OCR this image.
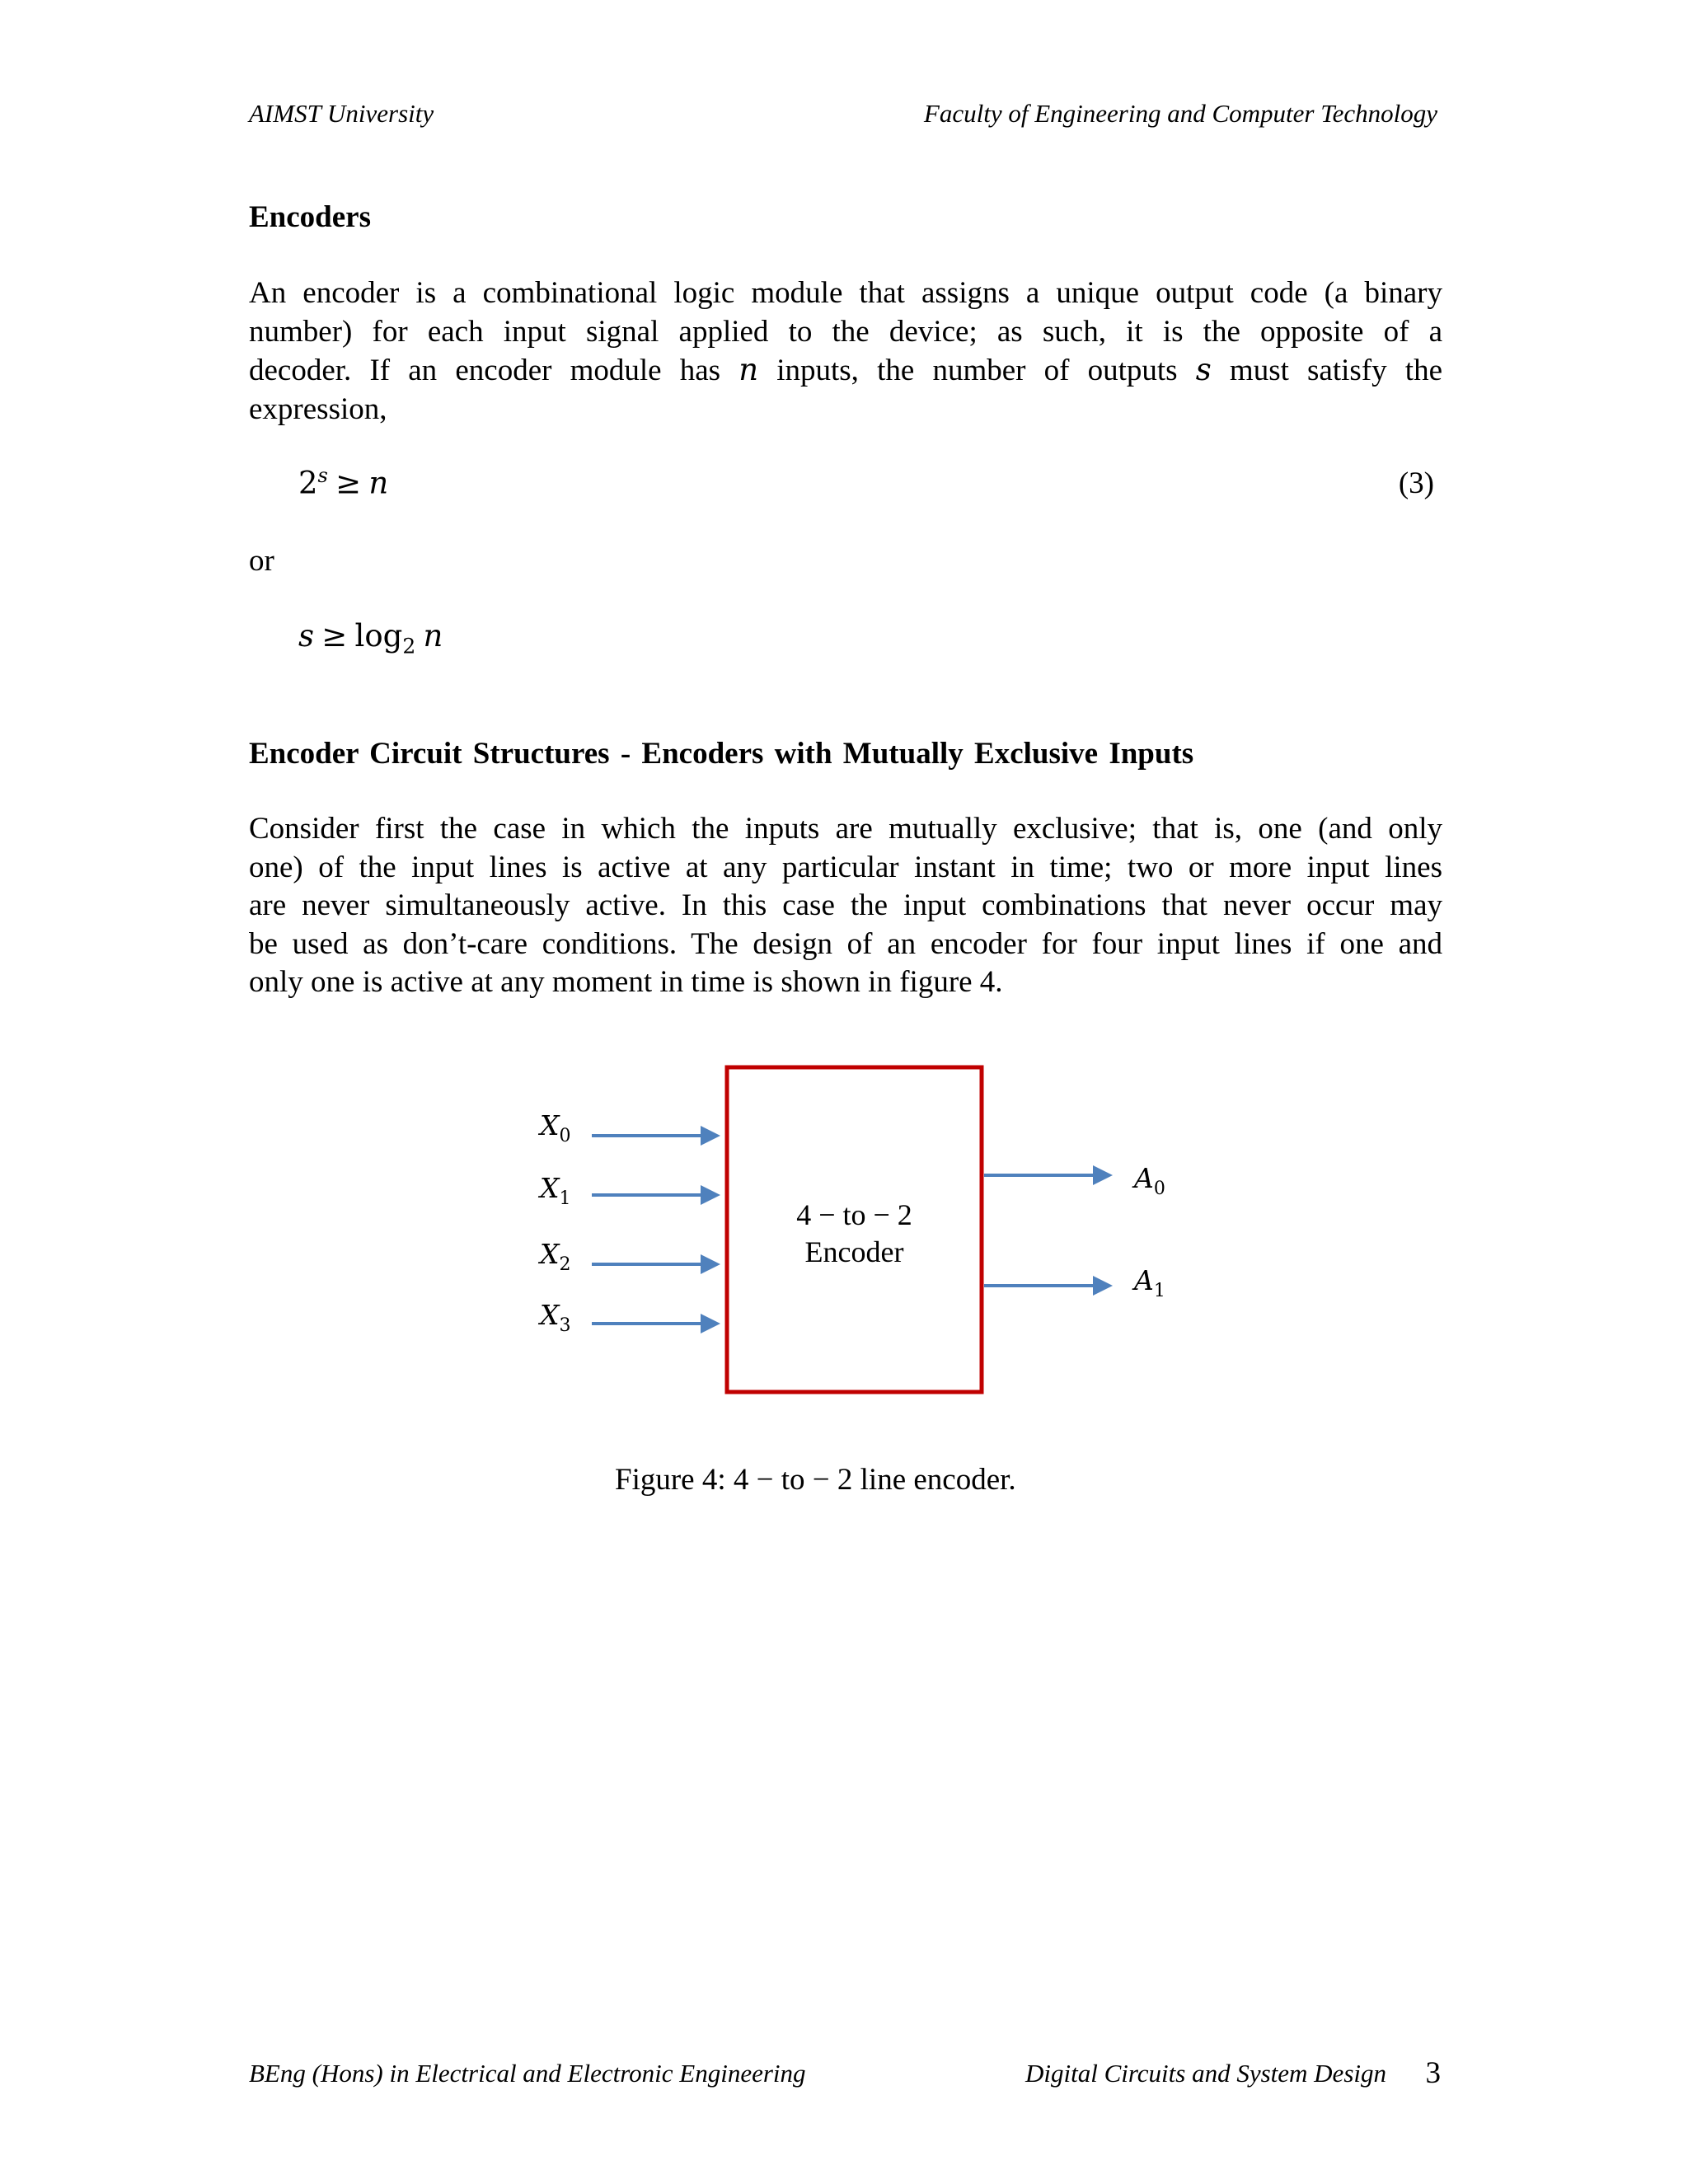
AIMST University	Faculty of Engineering and Computer Technology
Encoders
An encoder is a combinational logic module that assigns a unique output code (a binary
number) for each input signal applied to the device; as such, it is the opposite of a
decoder. If an encoder module has n inputs, the number of outputs s must satisfy the
expression,
$2^s \ge n$	(3)
or
$s \ge \log_2 n$
Encoder Circuit Structures - Encoders with Mutually Exclusive Inputs
Consider first the case in which the inputs are mutually exclusive; that is, one (and only
one) of the input lines is active at any particular instant in time; two or more input lines
are never simultaneously active. In this case the input combinations that never occur may
be used as don’t-care conditions. The design of an encoder for four input lines if one and
only one is active at any moment in time is shown in figure 4.
$X_0$
$X_1$
$X_2$
$X_3$
$A_0$
$A_1$
4 − to − 2
Encoder
Figure 4: 4 − to − 2 line encoder.
BEng (Hons) in Electrical and Electronic Engineering	Digital Circuits and System Design 3
